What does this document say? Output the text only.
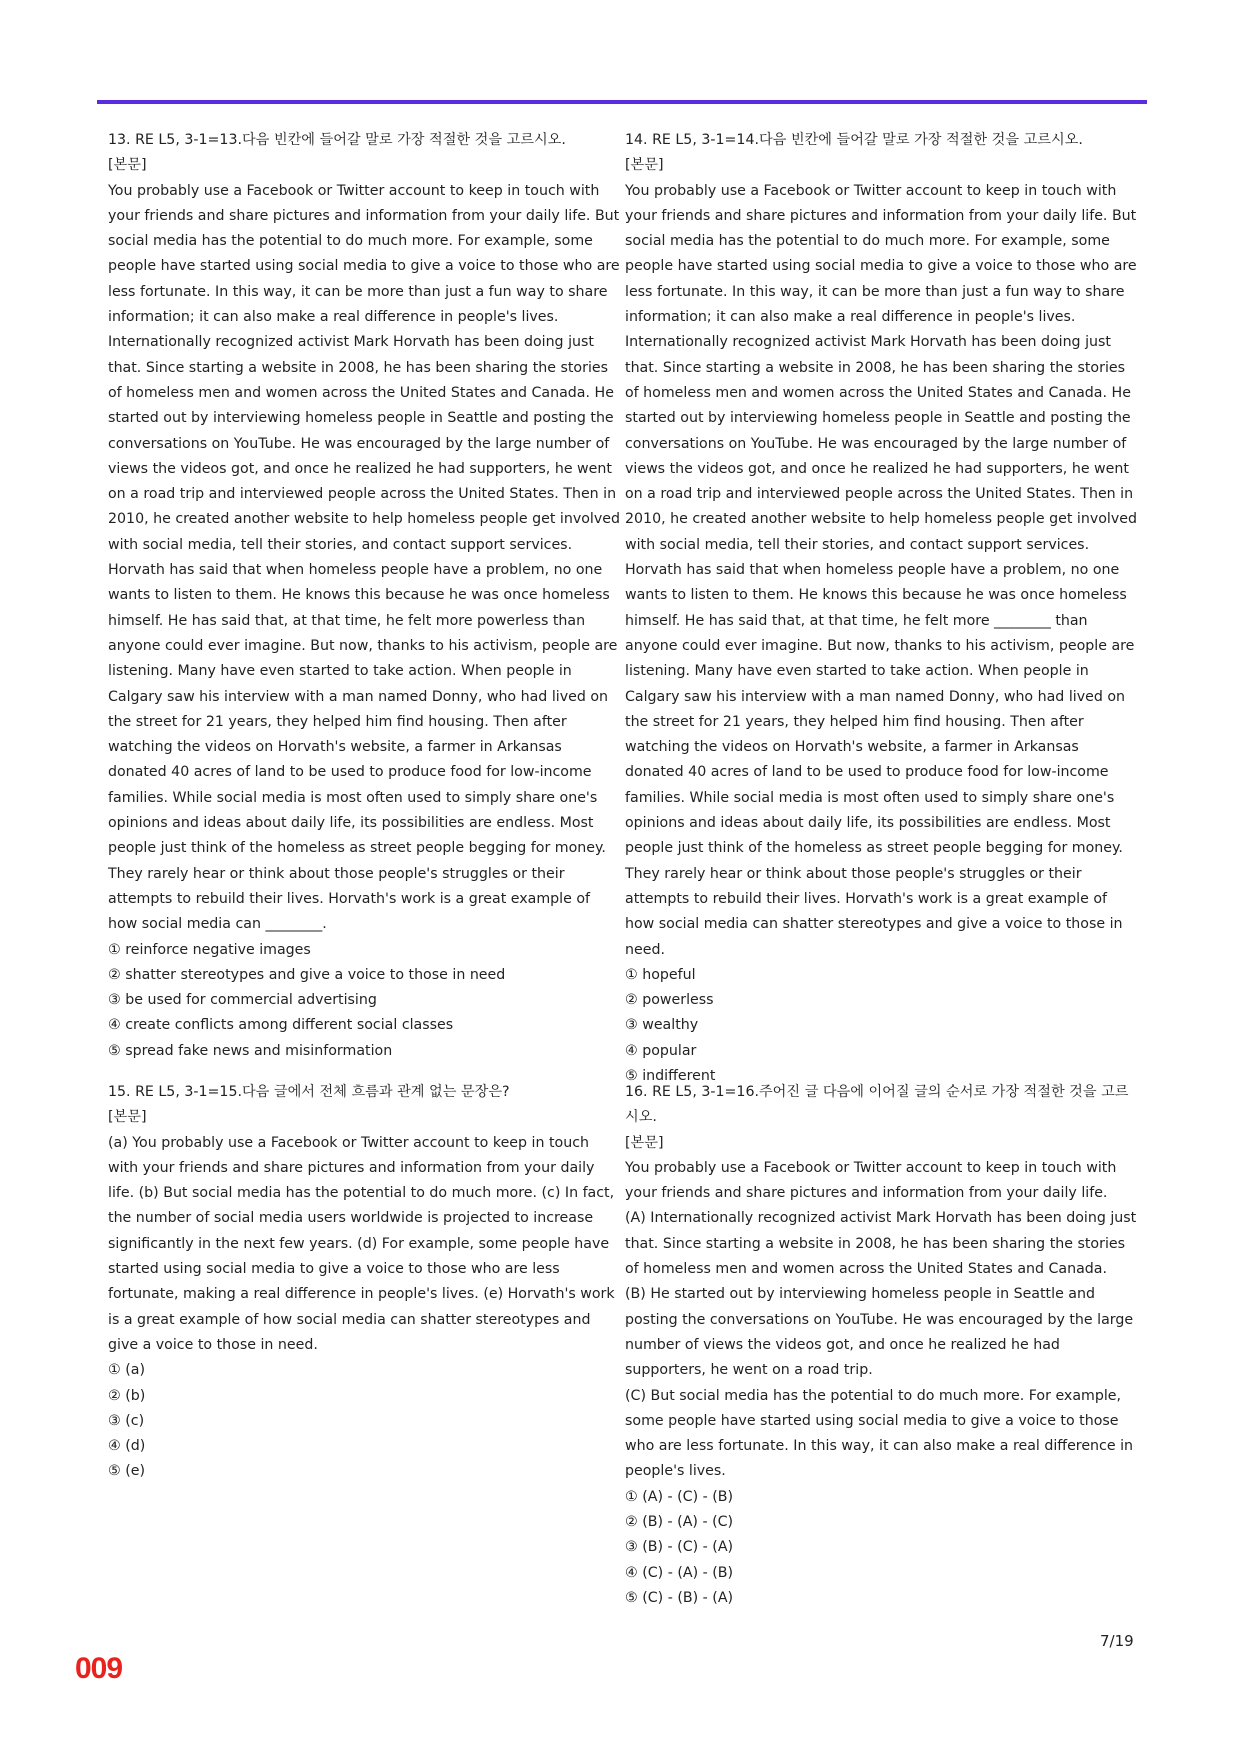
13. RE L5, 3-1=13.다음 빈칸에 들어갈 말로 가장 적절한 것을 고르시오.

[본문]

You probably use a Facebook or Twitter account to keep in touch with your friends and share pictures and information from your daily life. But social media has the potential to do much more. For example, some people have started using social media to give a voice to those who are less fortunate. In this way, it can be more than just a fun way to share information; it can also make a real difference in people's lives. Internationally recognized activist Mark Horvath has been doing just that. Since starting a website in 2008, he has been sharing the stories of homeless men and women across the United States and Canada. He started out by interviewing homeless people in Seattle and posting the conversations on YouTube. He was encouraged by the large number of views the videos got, and once he realized he had supporters, he went on a road trip and interviewed people across the United States. Then in 2010, he created another website to help homeless people get involved with social media, tell their stories, and contact support services. Horvath has said that when homeless people have a problem, no one wants to listen to them. He knows this because he was once homeless himself. He has said that, at that time, he felt more powerless than anyone could ever imagine. But now, thanks to his activism, people are listening. Many have even started to take action. When people in Calgary saw his interview with a man named Donny, who had lived on the street for 21 years, they helped him find housing. Then after watching the videos on Horvath's website, a farmer in Arkansas donated 40 acres of land to be used to produce food for low-income families. While social media is most often used to simply share one's opinions and ideas about daily life, its possibilities are endless. Most people just think of the homeless as street people begging for money. They rarely hear or think about those people's struggles or their attempts to rebuild their lives. Horvath's work is a great example of how social media can ________.

① reinforce negative images

② shatter stereotypes and give a voice to those in need

③ be used for commercial advertising

④ create conflicts among different social classes

⑤ spread fake news and misinformation

15. RE L5, 3-1=15.다음 글에서 전체 흐름과 관계 없는 문장은?

[본문]

(a) You probably use a Facebook or Twitter account to keep in touch with your friends and share pictures and information from your daily life. (b) But social media has the potential to do much more. (c) In fact, the number of social media users worldwide is projected to increase significantly in the next few years. (d) For example, some people have started using social media to give a voice to those who are less fortunate, making a real difference in people's lives. (e) Horvath's work is a great example of how social media can shatter stereotypes and give a voice to those in need.

① (a)

② (b)

③ (c)

④ (d)

⑤ (e)

14. RE L5, 3-1=14.다음 빈칸에 들어갈 말로 가장 적절한 것을 고르시오.

[본문]

You probably use a Facebook or Twitter account to keep in touch with your friends and share pictures and information from your daily life. But social media has the potential to do much more. For example, some people have started using social media to give a voice to those who are less fortunate. In this way, it can be more than just a fun way to share information; it can also make a real difference in people's lives. Internationally recognized activist Mark Horvath has been doing just that. Since starting a website in 2008, he has been sharing the stories of homeless men and women across the United States and Canada. He started out by interviewing homeless people in Seattle and posting the conversations on YouTube. He was encouraged by the large number of views the videos got, and once he realized he had supporters, he went on a road trip and interviewed people across the United States. Then in 2010, he created another website to help homeless people get involved with social media, tell their stories, and contact support services. Horvath has said that when homeless people have a problem, no one wants to listen to them. He knows this because he was once homeless himself. He has said that, at that time, he felt more ________ than anyone could ever imagine. But now, thanks to his activism, people are listening. Many have even started to take action. When people in Calgary saw his interview with a man named Donny, who had lived on the street for 21 years, they helped him find housing. Then after watching the videos on Horvath's website, a farmer in Arkansas donated 40 acres of land to be used to produce food for low-income families. While social media is most often used to simply share one's opinions and ideas about daily life, its possibilities are endless. Most people just think of the homeless as street people begging for money. They rarely hear or think about those people's struggles or their attempts to rebuild their lives. Horvath's work is a great example of how social media can shatter stereotypes and give a voice to those in need.

① hopeful

② powerless

③ wealthy

④ popular

⑤ indifferent

16. RE L5, 3-1=16.주어진 글 다음에 이어질 글의 순서로 가장 적절한 것을 고르시오.

[본문]

You probably use a Facebook or Twitter account to keep in touch with your friends and share pictures and information from your daily life.

(A) Internationally recognized activist Mark Horvath has been doing just that. Since starting a website in 2008, he has been sharing the stories of homeless men and women across the United States and Canada.

(B) He started out by interviewing homeless people in Seattle and posting the conversations on YouTube. He was encouraged by the large number of views the videos got, and once he realized he had supporters, he went on a road trip.

(C) But social media has the potential to do much more. For example, some people have started using social media to give a voice to those who are less fortunate. In this way, it can also make a real difference in people's lives.

① (A) - (C) - (B)

② (B) - (A) - (C)

③ (B) - (C) - (A)

④ (C) - (A) - (B)

⑤ (C) - (B) - (A)

7/19
009
